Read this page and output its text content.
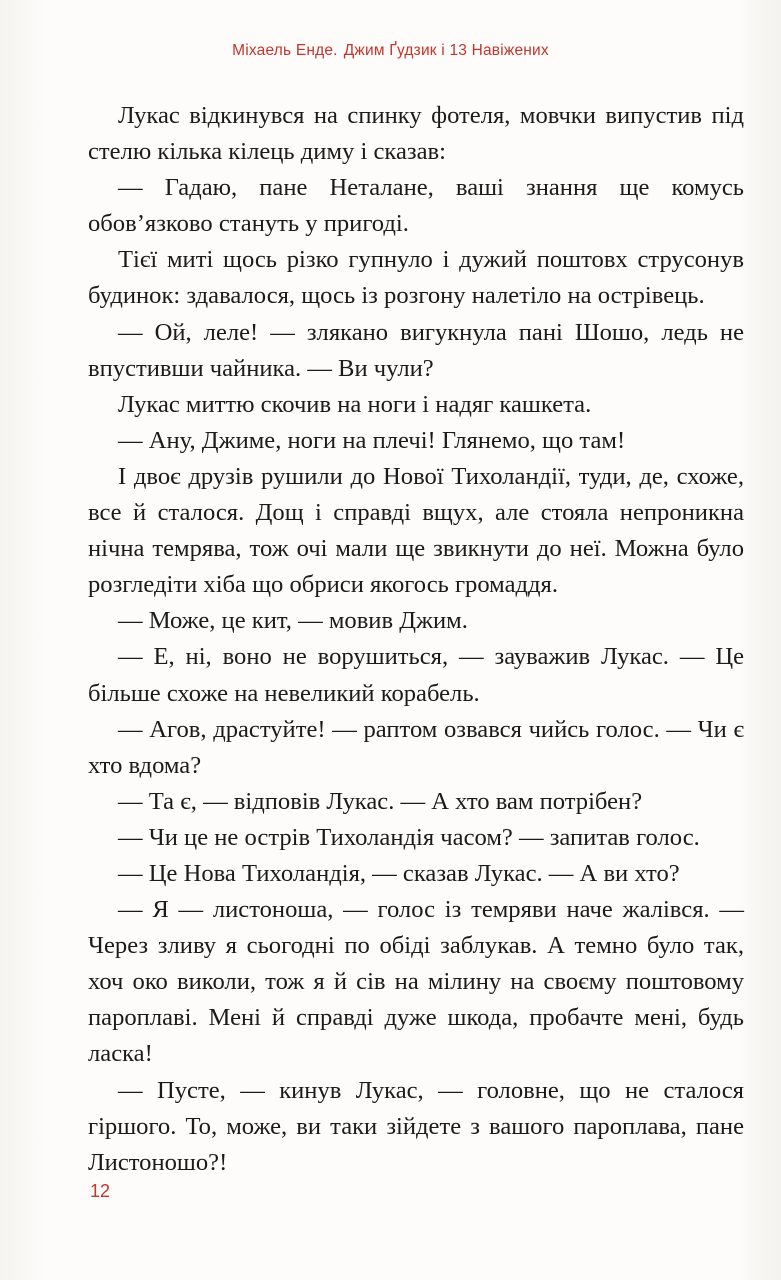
Міхаель Енде. Джим Ґудзик і 13 Навіжених

Лукас відкинувся на спинку фотеля, мовчки випустив під стелю кілька кілець диму і сказав:

— Гадаю, пане Неталане, ваші знання ще комусь обов’язково стануть у пригоді.

Тієї миті щось різко гупнуло і дужий поштовх струсонув будинок: здавалося, щось із розгону налетіло на острівець.

— Ой, леле! — злякано вигукнула пані Шошо, ледь не впустивши чайника. — Ви чули?

Лукас миттю скочив на ноги і надяг кашкета.

— Ану, Джиме, ноги на плечі! Глянемо, що там!

І двоє друзів рушили до Нової Тихоландії, туди, де, схоже, все й сталося. Дощ і справді вщух, але стояла непроникна нічна темрява, тож очі мали ще звикнути до неї. Можна було розгледіти хіба що обриси якогось громаддя.

— Може, це кит, — мовив Джим.

— Е, ні, воно не ворушиться, — зауважив Лукас. — Це більше схоже на невеликий корабель.

— Агов, драстуйте! — раптом озвався чийсь голос. — Чи є хто вдома?

— Та є, — відповів Лукас. — А хто вам потрібен?

— Чи це не острів Тихоландія часом? — запитав голос.

— Це Нова Тихоландія, — сказав Лукас. — А ви хто?

— Я — листоноша, — голос із темряви наче жалівся. — Через зливу я сьогодні по обіді заблукав. А темно було так, хоч око виколи, тож я й сів на мілину на своєму поштовому пароплаві. Мені й справді дуже шкода, пробачте мені, будь ласка!

— Пусте, — кинув Лукас, — головне, що не сталося гіршого. То, може, ви таки зійдете з вашого пароплава, пане Листоношо?!

12
